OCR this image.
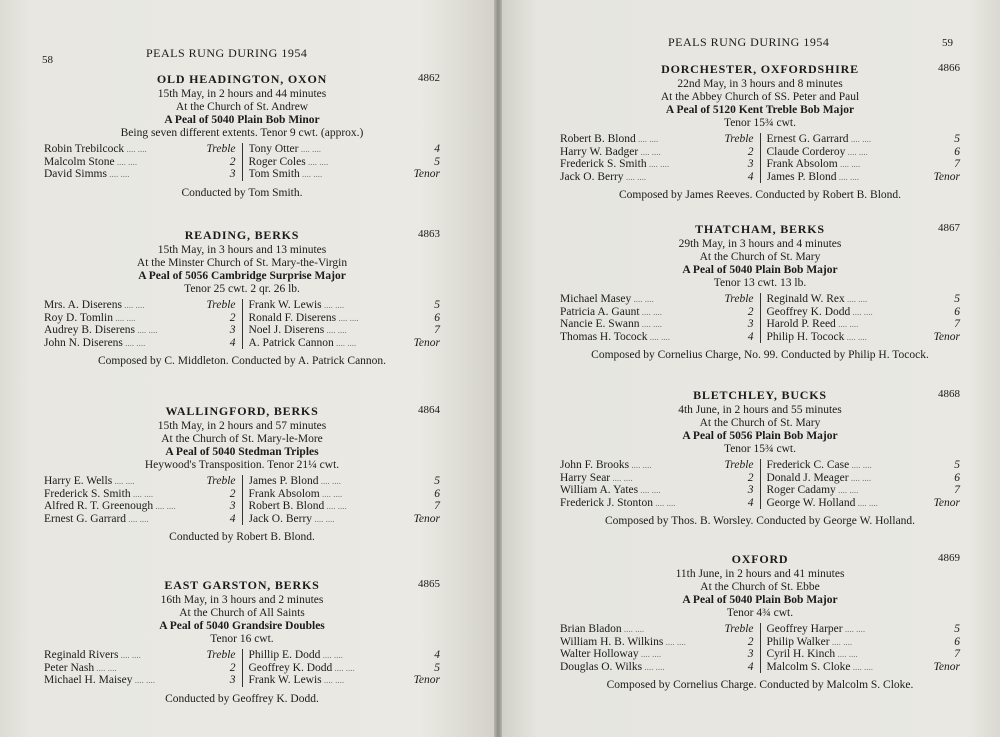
58	PEALS RUNG DURING 1954
OLD HEADINGTON, OXON	4862
15th May, in 2 hours and 44 minutes
At the Church of St. Andrew
A Peal of 5040 Plain Bob Minor
Being seven different extents. Tenor 9 cwt. (approx.)
Robin Trebilcock ....	Treble
Malcolm Stone ....	2
David Simms ....	3
Tony Otter ....	4
Roger Coles ....	5
Tom Smith ....	Tenor
Conducted by Tom Smith.
READING, BERKS	4863
15th May, in 3 hours and 13 minutes
At the Minster Church of St. Mary-the-Virgin
A Peal of 5056 Cambridge Surprise Major
Tenor 25 cwt. 2 qr. 26 lb.
Mrs. A. Diserens ....	Treble
Roy D. Tomlin ....	2
Audrey B. Diserens ....	3
John N. Diserens ....	4
Frank W. Lewis ....	5
Ronald F. Diserens ....	6
Noel J. Diserens ....	7
A. Patrick Cannon ....	Tenor
Composed by C. Middleton. Conducted by A. Patrick Cannon.
WALLINGFORD, BERKS	4864
15th May, in 2 hours and 57 minutes
At the Church of St. Mary-le-More
A Peal of 5040 Stedman Triples
Heywood's Transposition. Tenor 21¼ cwt.
Harry E. Wells ....	Treble
Frederick S. Smith ....	2
Alfred R. T. Greenough ....	3
Ernest G. Garrard ....	4
James P. Blond ....	5
Frank Absolom ....	6
Robert B. Blond ....	7
Jack O. Berry ....	Tenor
Conducted by Robert B. Blond.
EAST GARSTON, BERKS	4865
16th May, in 3 hours and 2 minutes
At the Church of All Saints
A Peal of 5040 Grandsire Doubles
Tenor 16 cwt.
Reginald Rivers ....	Treble
Peter Nash ....	2
Michael H. Maisey ....	3
Phillip E. Dodd ....	4
Geoffrey K. Dodd ....	5
Frank W. Lewis ....	Tenor
Conducted by Geoffrey K. Dodd.
PEALS RUNG DURING 1954	59
DORCHESTER, OXFORDSHIRE	4866
22nd May, in 3 hours and 8 minutes
At the Abbey Church of SS. Peter and Paul
A Peal of 5120 Kent Treble Bob Major
Tenor 15¾ cwt.
Robert B. Blond ....	Treble
Harry W. Badger ....	2
Frederick S. Smith ....	3
Jack O. Berry ....	4
Ernest G. Garrard ....	5
Claude Corderoy ....	6
Frank Absolom ....	7
James P. Blond ....	Tenor
Composed by James Reeves. Conducted by Robert B. Blond.
THATCHAM, BERKS	4867
29th May, in 3 hours and 4 minutes
At the Church of St. Mary
A Peal of 5040 Plain Bob Major
Tenor 13 cwt. 13 lb.
Michael Masey ....	Treble
Patricia A. Gaunt ....	2
Nancie E. Swann ....	3
Thomas H. Tocock ....	4
Reginald W. Rex ....	5
Geoffrey K. Dodd ....	6
Harold P. Reed ....	7
Philip H. Tocock ....	Tenor
Composed by Cornelius Charge, No. 99. Conducted by Philip H. Tocock.
BLETCHLEY, BUCKS	4868
4th June, in 2 hours and 55 minutes
At the Church of St. Mary
A Peal of 5056 Plain Bob Major
Tenor 15¾ cwt.
John F. Brooks ....	Treble
Harry Sear ....	2
William A. Yates ....	3
Frederick J. Stonton ....	4
Frederick C. Case ....	5
Donald J. Meager ....	6
Roger Cadamy ....	7
George W. Holland ....	Tenor
Composed by Thos. B. Worsley. Conducted by George W. Holland.
OXFORD	4869
11th June, in 2 hours and 41 minutes
At the Church of St. Ebbe
A Peal of 5040 Plain Bob Major
Tenor 4¾ cwt.
Brian Bladon ....	Treble
William H. B. Wilkins ....	2
Walter Holloway ....	3
Douglas O. Wilks ....	4
Geoffrey Harper ....	5
Philip Walker ....	6
Cyril H. Kinch ....	7
Malcolm S. Cloke ....	Tenor
Composed by Cornelius Charge. Conducted by Malcolm S. Cloke.
